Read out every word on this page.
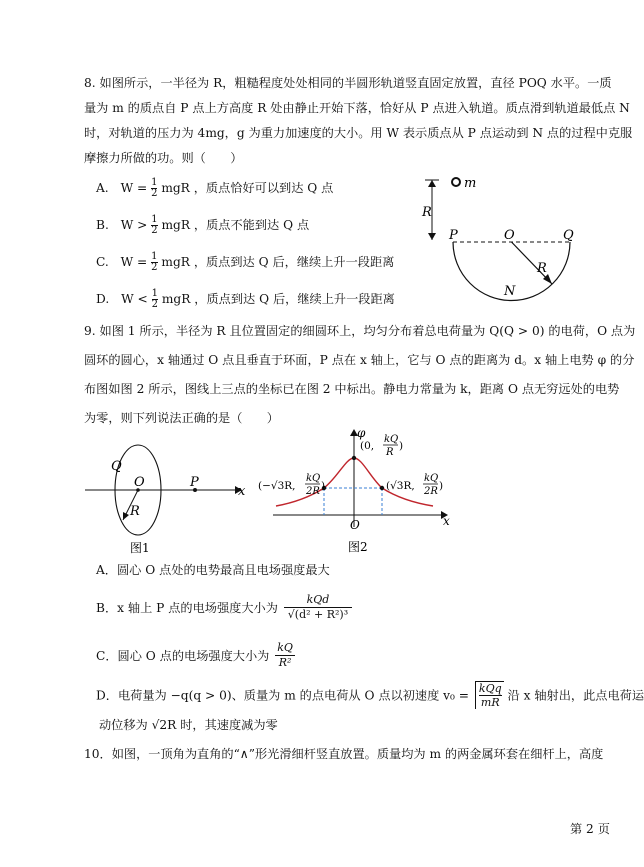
8. 如图所示，一半径为 R，粗糙程度处处相同的半圆形轨道竖直固定放置，直径 POQ 水平。一质
量为 m 的质点自 P 点上方高度 R 处由静止开始下落，恰好从 P 点进入轨道。质点滑到轨道最低点 N
时，对轨道的压力为 4mg，g 为重力加速度的大小。用 W 表示质点从 P 点运动到 N 点的过程中克服
摩擦力所做的功。则（　　）
A. $W = \frac{1}{2}$ mgR ，质点恰好可以到达 Q 点
B. $W > \frac{1}{2}$ mgR ，质点不能到达 Q 点
C. $W = \frac{1}{2}$ mgR ，质点到达 Q 后，继续上升一段距离
D. $W < \frac{1}{2}$ mgR ，质点到达 Q 后，继续上升一段距离
m
R
P	O	Q
R
N
9. 如图 1 所示，半径为 R 且位置固定的细圆环上，均匀分布着总电荷量为 Q(Q > 0) 的电荷，O 点为
圆环的圆心，x 轴通过 O 点且垂直于环面，P 点在 x 轴上，它与 O 点的距离为 d。x 轴上电势 φ 的分
布图如图 2 所示，图线上三点的坐标已在图 2 中标出。静电力常量为 k，距离 O 点无穷远处的电势
为零，则下列说法正确的是（　　）
Q
O	P
x
R
图1
φ
x
O
(0,
kQ
R
)
(−√3R,
kQ
2R )	(√3R,
kQ
2R )
图2
A．圆心 O 点处的电势最高且电场强度最大
B．x 轴上 P 点的电场强度大小为
kQd
√(d² + R²)³
C．圆心 O 点的电场强度大小为 $\frac{kQ}{\text{R²}}$
D．电荷量为 −q(q > 0)、质量为 m 的点电荷从 O 点以初速度 v₀ = kQq
mR 沿 x 轴射出，此点电荷运
动位移为 √2R 时，其速度减为零
10．如图，一顶角为直角的“∧”形光滑细杆竖直放置。质量均为 m 的两金属环套在细杆上，高度
第 2 页
